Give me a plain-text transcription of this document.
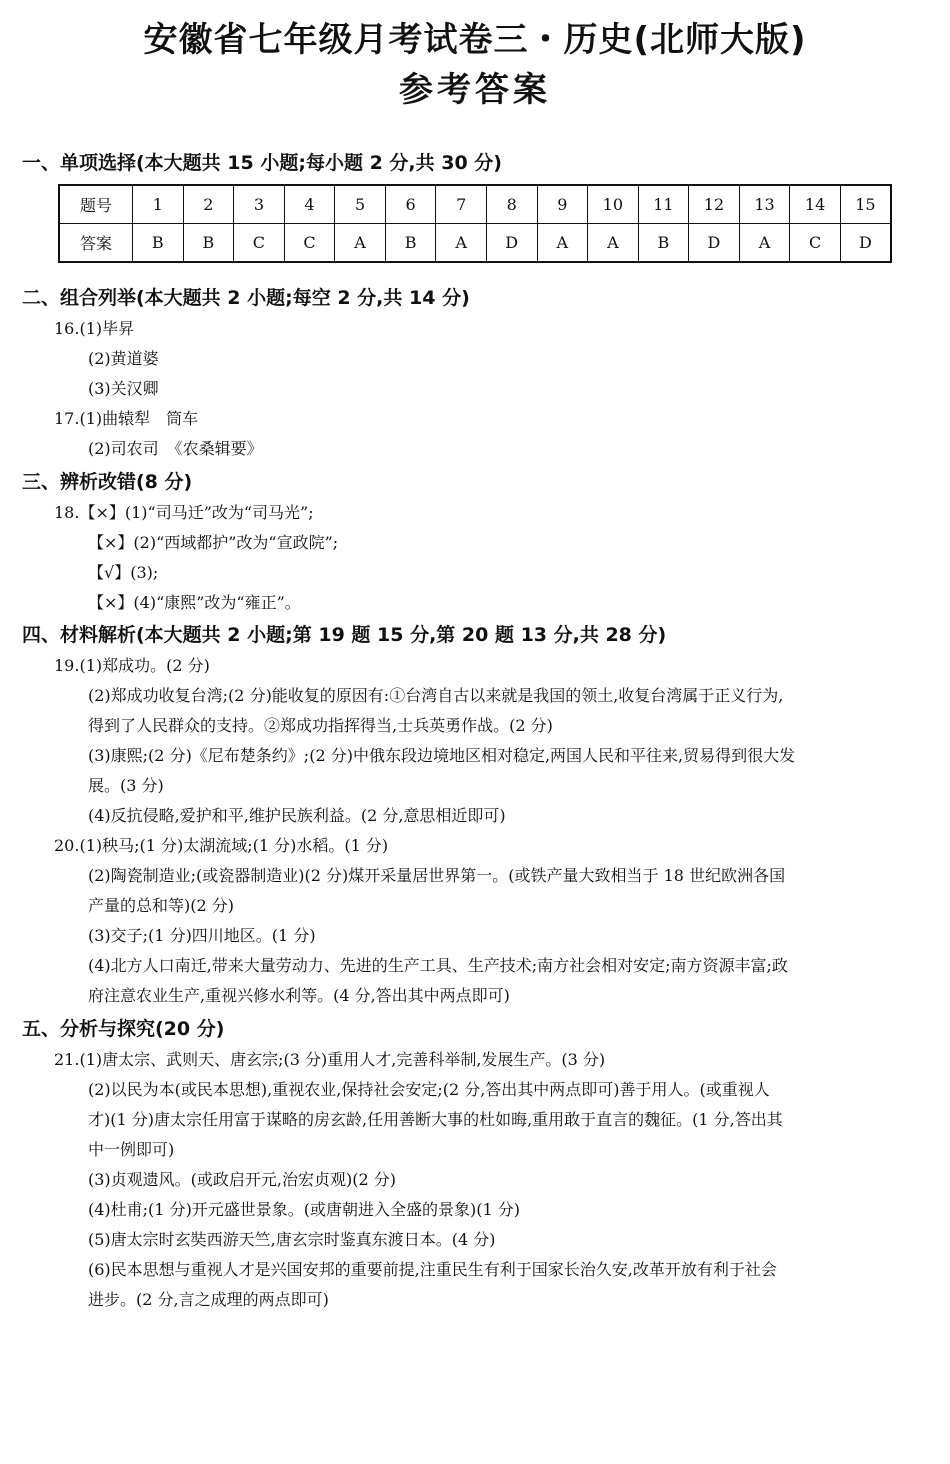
安徽省七年级月考试卷三・历史(北师大版)
参考答案
一、单项选择(本大题共 15 小题;每小题 2 分,共 30 分)
题号	1	2	3	4	5	6	7	8	9	10	11	12	13	14	15
答案	B	B	C	C	A	B	A	D	A	A	B	D	A	C	D
二、组合列举(本大题共 2 小题;每空 2 分,共 14 分)
16.(1)毕昇
(2)黄道婆
(3)关汉卿
17.(1)曲辕犁　筒车
(2)司农司　《农桑辑要》
三、辨析改错(8 分)
18.【×】(1)“司马迁”改为“司马光”;
【×】(2)“西域都护”改为“宣政院”;
【√】(3);
【×】(4)“康熙”改为“雍正”。
四、材料解析(本大题共 2 小题;第 19 题 15 分,第 20 题 13 分,共 28 分)
19.(1)郑成功。(2 分)
(2)郑成功收复台湾;(2 分)能收复的原因有:①台湾自古以来就是我国的领土,收复台湾属于正义行为,
得到了人民群众的支持。②郑成功指挥得当,士兵英勇作战。(2 分)
(3)康熙;(2 分)《尼布楚条约》;(2 分)中俄东段边境地区相对稳定,两国人民和平往来,贸易得到很大发
展。(3 分)
(4)反抗侵略,爱护和平,维护民族利益。(2 分,意思相近即可)
20.(1)秧马;(1 分)太湖流域;(1 分)水稻。(1 分)
(2)陶瓷制造业;(或瓷器制造业)(2 分)煤开采量居世界第一。(或铁产量大致相当于 18 世纪欧洲各国
产量的总和等)(2 分)
(3)交子;(1 分)四川地区。(1 分)
(4)北方人口南迁,带来大量劳动力、先进的生产工具、生产技术;南方社会相对安定;南方资源丰富;政
府注意农业生产,重视兴修水利等。(4 分,答出其中两点即可)
五、分析与探究(20 分)
21.(1)唐太宗、武则天、唐玄宗;(3 分)重用人才,完善科举制,发展生产。(3 分)
(2)以民为本(或民本思想),重视农业,保持社会安定;(2 分,答出其中两点即可)善于用人。(或重视人
才)(1 分)唐太宗任用富于谋略的房玄龄,任用善断大事的杜如晦,重用敢于直言的魏征。(1 分,答出其
中一例即可)
(3)贞观遗风。(或政启开元,治宏贞观)(2 分)
(4)杜甫;(1 分)开元盛世景象。(或唐朝进入全盛的景象)(1 分)
(5)唐太宗时玄奘西游天竺,唐玄宗时鉴真东渡日本。(4 分)
(6)民本思想与重视人才是兴国安邦的重要前提,注重民生有利于国家长治久安,改革开放有利于社会
进步。(2 分,言之成理的两点即可)
